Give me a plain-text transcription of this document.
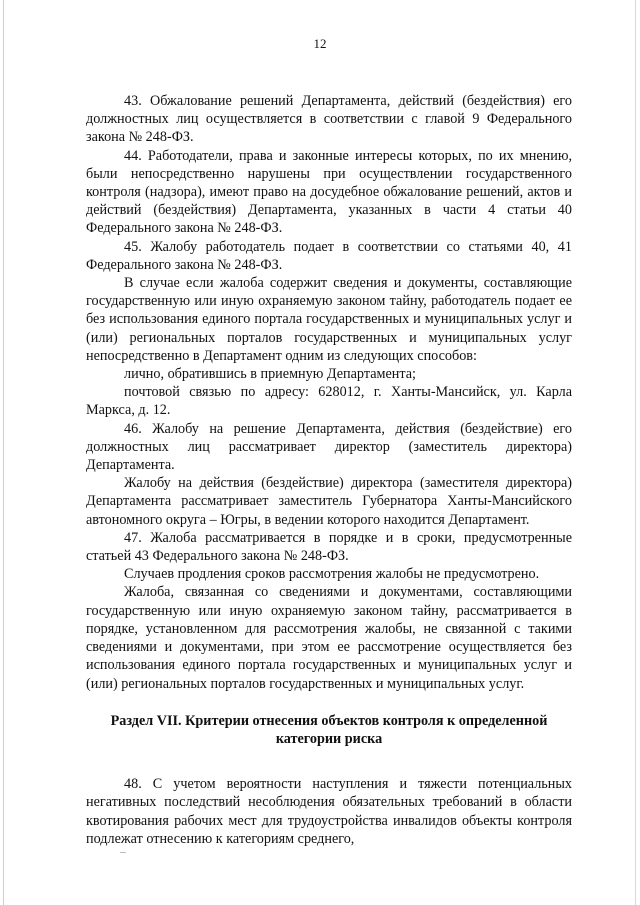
12

43. Обжалование решений Департамента, действий (бездействия) его должностных лиц осуществляется в соответствии с главой 9 Федерального закона № 248-ФЗ.

44. Работодатели, права и законные интересы которых, по их мнению, были непосредственно нарушены при осуществлении государственного контроля (надзора), имеют право на досудебное обжалование решений, актов и действий (бездействия) Департамента, указанных в части 4 статьи 40 Федерального закона № 248-ФЗ.

45. Жалобу работодатель подает в соответствии со статьями 40, 41 Федерального закона № 248-ФЗ.

В случае если жалоба содержит сведения и документы, составляющие государственную или иную охраняемую законом тайну, работодатель подает ее без использования единого портала государственных и муниципальных услуг и (или) региональных порталов государственных и муниципальных услуг непосредственно в Департамент одним из следующих способов:

лично, обратившись в приемную Департамента;

почтовой связью по адресу: 628012, г. Ханты-Мансийск, ул. Карла Маркса, д. 12.

46. Жалобу на решение Департамента, действия (бездействие) его должностных лиц рассматривает директор (заместитель директора) Департамента.

Жалобу на действия (бездействие) директора (заместителя директора) Департамента рассматривает заместитель Губернатора Ханты-Мансийского автономного округа – Югры, в ведении которого находится Департамент.

47. Жалоба рассматривается в порядке и в сроки, предусмотренные статьей 43 Федерального закона № 248-ФЗ.

Случаев продления сроков рассмотрения жалобы не предусмотрено.

Жалоба, связанная со сведениями и документами, составляющими государственную или иную охраняемую законом тайну, рассматривается в порядке, установленном для рассмотрения жалобы, не связанной с такими сведениями и документами, при этом ее рассмотрение осуществляется без использования единого портала государственных и муниципальных услуг и (или) региональных порталов государственных и муниципальных услуг.

Раздел VII. Критерии отнесения объектов контроля к определенной категории риска

48. С учетом вероятности наступления и тяжести потенциальных негативных последствий несоблюдения обязательных требований в области квотирования рабочих мест для трудоустройства инвалидов объекты контроля подлежат отнесению к категориям среднего,
